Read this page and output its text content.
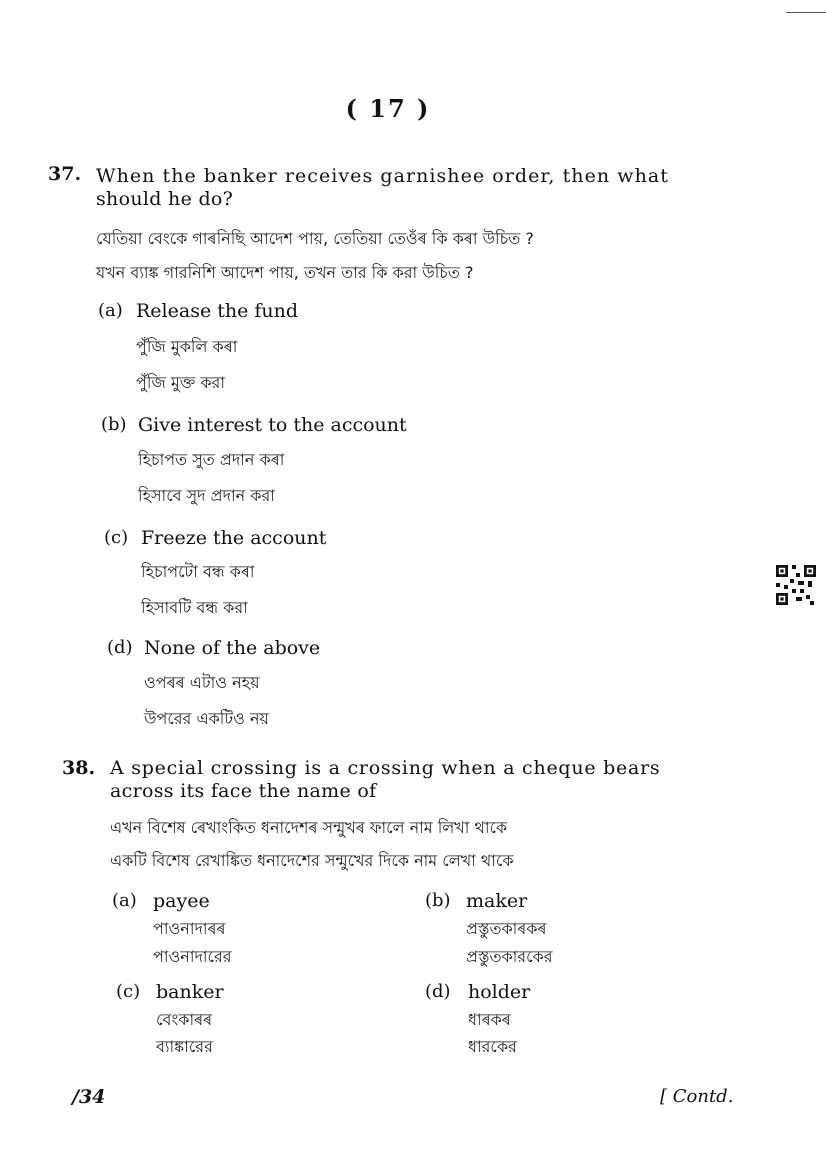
( 17 )
37. When the banker receives garnishee order, then what
should he do?
যেতিয়া বেংকে গাৰনিছি আদেশ পায়, তেতিয়া তেওঁৰ কি কৰা উচিত ?
যখন ব্যাঙ্ক গারনিশি আদেশ পায়, তখন তার কি করা উচিত ?
(a) Release the fund
পুঁজি মুকলি কৰা
পুঁজি মুক্ত করা
(b) Give interest to the account
হিচাপত সুত প্ৰদান কৰা
হিসাবে সুদ প্রদান করা
(c) Freeze the account
হিচাপটো বন্ধ কৰা
হিসাবটি বন্ধ করা
(d) None of the above
ওপৰৰ এটাও নহয়
উপরের একটিও নয়
38. A special crossing is a crossing when a cheque bears
across its face the name of
এখন বিশেষ ৰেখাংকিত ধনাদেশৰ সন্মুখৰ ফালে নাম লিখা থাকে
একটি বিশেষ রেখাঙ্কিত ধনাদেশের সন্মুখের দিকে নাম লেখা থাকে
(a) payee
পাওনাদাৰৰ
পাওনাদারের
(b) maker
প্ৰস্তুতকাৰকৰ
প্রস্তুতকারকের
(c) banker
বেংকাৰৰ
ব্যাঙ্কারের
(d) holder
ধাৰকৰ
ধারকের
/34	[ Contd.
